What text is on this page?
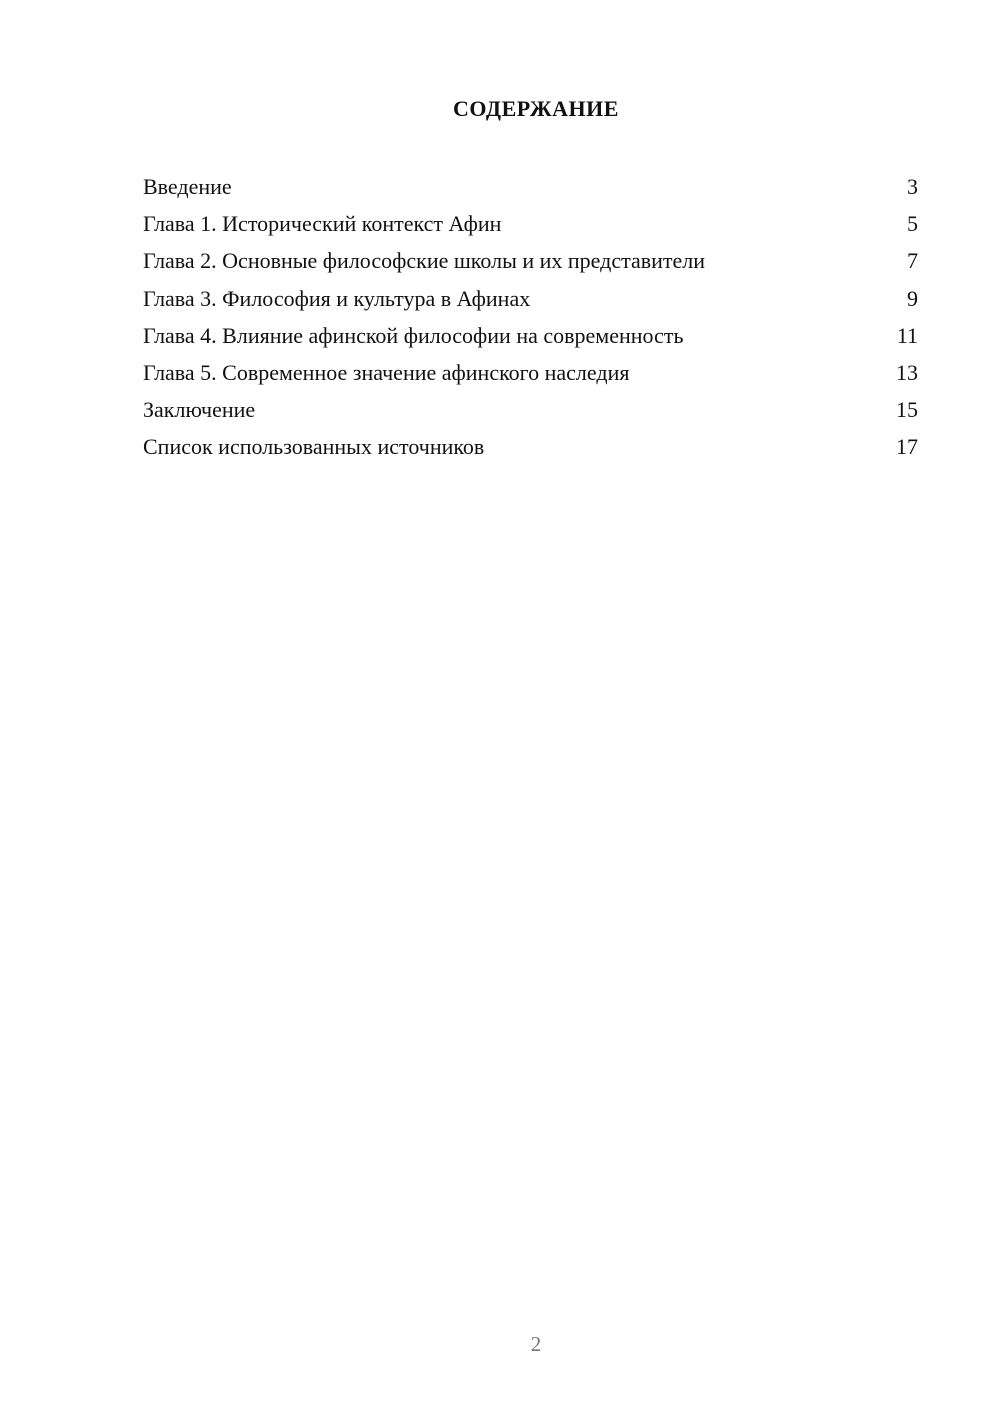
СОДЕРЖАНИЕ
Введение	3
Глава 1. Исторический контекст Афин	5
Глава 2. Основные философские школы и их представители	7
Глава 3. Философия и культура в Афинах	9
Глава 4. Влияние афинской философии на современность	11
Глава 5. Современное значение афинского наследия	13
Заключение	15
Список использованных источников	17
2
